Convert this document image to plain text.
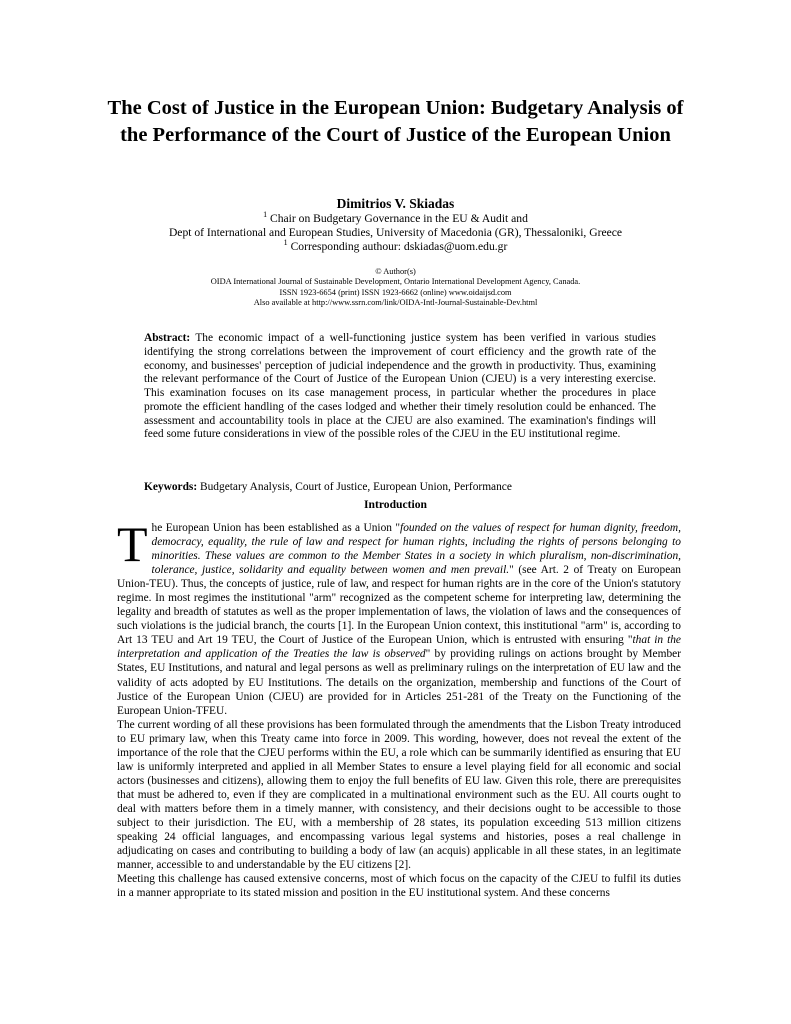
The Cost of Justice in the European Union: Budgetary Analysis of the Performance of the Court of Justice of the European Union
Dimitrios V. Skiadas
$^1$ Chair on Budgetary Governance in the EU & Audit and
Dept of International and European Studies, University of Macedonia (GR), Thessaloniki, Greece
$^1$ Corresponding authour: dskiadas@uom.edu.gr
© Author(s)
OIDA International Journal of Sustainable Development, Ontario International Development Agency, Canada.
ISSN 1923-6654 (print) ISSN 1923-6662 (online) www.oidaijsd.com
Also available at http://www.ssrn.com/link/OIDA-Intl-Journal-Sustainable-Dev.html

Abstract: The economic impact of a well-functioning justice system has been verified in various studies identifying the strong correlations between the improvement of court efficiency and the growth rate of the economy, and businesses' perception of judicial independence and the growth in productivity. Thus, examining the relevant performance of the Court of Justice of the European Union (CJEU) is a very interesting exercise. This examination focuses on its case management process, in particular whether the procedures in place promote the efficient handling of the cases lodged and whether their timely resolution could be enhanced. The assessment and accountability tools in place at the CJEU are also examined. The examination's findings will feed some future considerations in view of the possible roles of the CJEU in the EU institutional regime.

Keywords: Budgetary Analysis, Court of Justice, European Union, Performance

Introduction

The European Union has been established as a Union "founded on the values of respect for human dignity, freedom, democracy, equality, the rule of law and respect for human rights, including the rights of persons belonging to minorities. These values are common to the Member States in a society in which pluralism, non-discrimination, tolerance, justice, solidarity and equality between women and men prevail." (see Art. 2 of Treaty on European Union-TEU). Thus, the concepts of justice, rule of law, and respect for human rights are in the core of the Union's statutory regime. In most regimes the institutional "arm" recognized as the competent scheme for interpreting law, determining the legality and breadth of statutes as well as the proper implementation of laws, the violation of laws and the consequences of such violations is the judicial branch, the courts [1]. In the European Union context, this institutional "arm" is, according to Art 13 TEU and Art 19 TEU, the Court of Justice of the European Union, which is entrusted with ensuring "that in the interpretation and application of the Treaties the law is observed" by providing rulings on actions brought by Member States, EU Institutions, and natural and legal persons as well as preliminary rulings on the interpretation of EU law and the validity of acts adopted by EU Institutions. The details on the organization, membership and functions of the Court of Justice of the European Union (CJEU) are provided for in Articles 251-281 of the Treaty on the Functioning of the European Union-TFEU.

The current wording of all these provisions has been formulated through the amendments that the Lisbon Treaty introduced to EU primary law, when this Treaty came into force in 2009. This wording, however, does not reveal the extent of the importance of the role that the CJEU performs within the EU, a role which can be summarily identified as ensuring that EU law is uniformly interpreted and applied in all Member States to ensure a level playing field for all economic and social actors (businesses and citizens), allowing them to enjoy the full benefits of EU law. Given this role, there are prerequisites that must be adhered to, even if they are complicated in a multinational environment such as the EU. All courts ought to deal with matters before them in a timely manner, with consistency, and their decisions ought to be accessible to those subject to their jurisdiction. The EU, with a membership of 28 states, its population exceeding 513 million citizens speaking 24 official languages, and encompassing various legal systems and histories, poses a real challenge in adjudicating on cases and contributing to building a body of law (an acquis) applicable in all these states, in an legitimate manner, accessible to and understandable by the EU citizens [2].

Meeting this challenge has caused extensive concerns, most of which focus on the capacity of the CJEU to fulfil its duties in a manner appropriate to its stated mission and position in the EU institutional system. And these concerns
